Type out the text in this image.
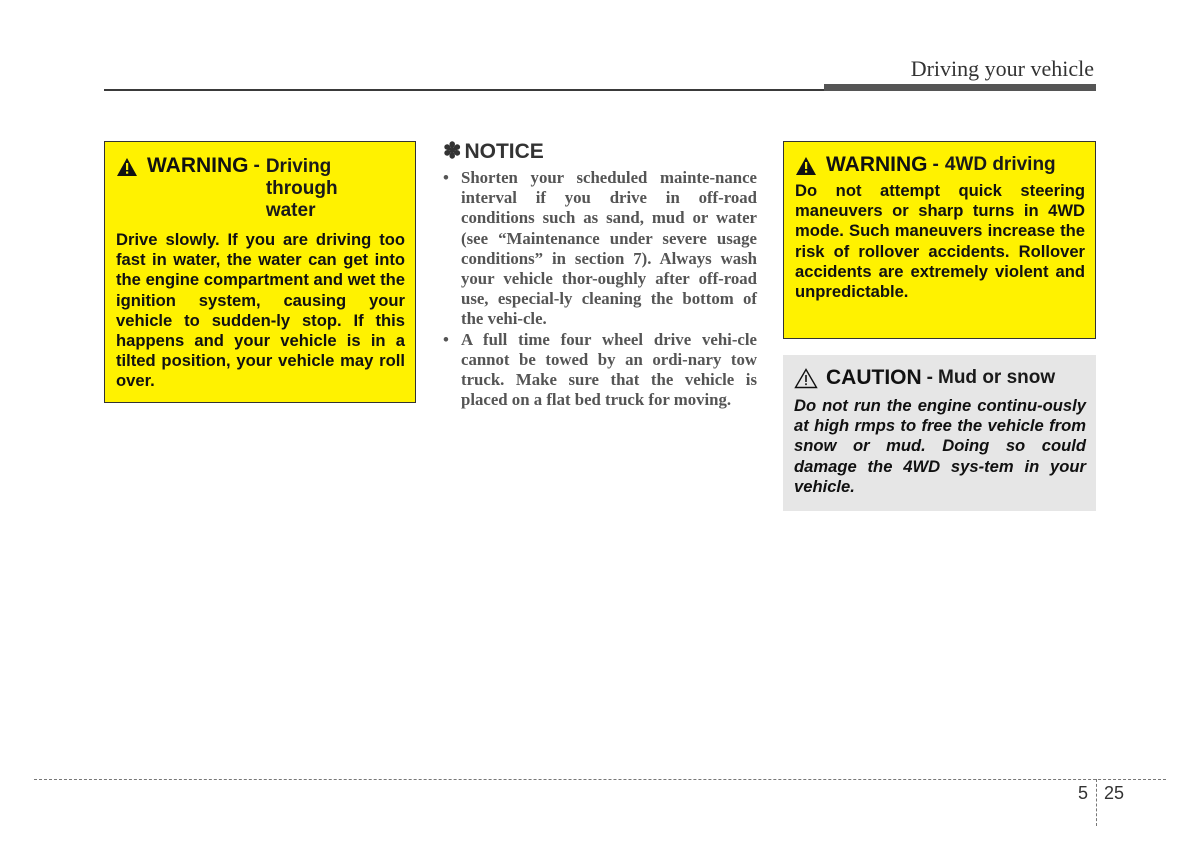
Driving your vehicle
WARNING - Driving through water
Drive slowly. If you are driving too fast in water, the water can get into the engine compartment and wet the ignition system, causing your vehicle to sudden-ly stop. If this happens and your vehicle is in a tilted position, your vehicle may roll over.
✽ NOTICE
• Shorten your scheduled mainte-nance interval if you drive in off-road conditions such as sand, mud or water (see “Maintenance under severe usage conditions” in section 7). Always wash your vehicle thor-oughly after off-road use, especial-ly cleaning the bottom of the vehi-cle.
• A full time four wheel drive vehi-cle cannot be towed by an ordi-nary tow truck. Make sure that the vehicle is placed on a flat bed truck for moving.
WARNING - 4WD driving
Do not attempt quick steering maneuvers or sharp turns in 4WD mode. Such maneuvers increase the risk of rollover accidents. Rollover accidents are extremely violent and unpredictable.
CAUTION - Mud or snow
Do not run the engine continu-ously at high rmps to free the vehicle from snow or mud. Doing so could damage the 4WD sys-tem in your vehicle.
5 25
